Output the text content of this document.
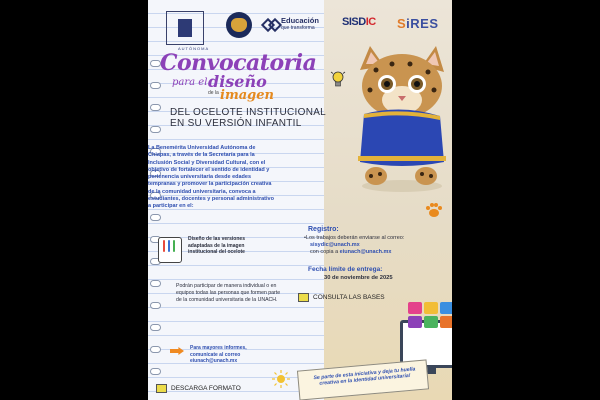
AUTÓNOMA
Educación
que transforma	SISDIC SiRES
Convocatoria
para el diseño
de la imagen
DEL OCELOTE INSTITUCIONAL EN SU VERSIÓN INFANTIL
La Benemérita Universidad Autónoma de Chiapas, a través de la Secretaría para la Inclusión Social y Diversidad Cultural, con el objetivo de fortalecer el sentido de identidad y pertenencia universitaria desde edades tempranas y promover la participación creativa de la comunidad universitaria, convoca a estudiantes, docentes y personal administrativo a participar en el:
Diseño de las versiones adaptadas de la imagen institucional del ocelote
Podrán participar de manera individual o en equipos todas las personas que formen parte de la comunidad universitaria de la UNACH.
Para mayores informes,
comunícate al correo
eiunach@unach.mx
DESCARGA FORMATO
Registro:
•Los trabajos deberán enviarse al correo:
sisydic@unach.mx
con copia a eiunach@unach.mx
Fecha límite de entrega:
30 de noviembre de 2025
CONSULTA LAS BASES
Se parte de esta iniciativa y deja tu huella creativa en la identidad universitaria!
